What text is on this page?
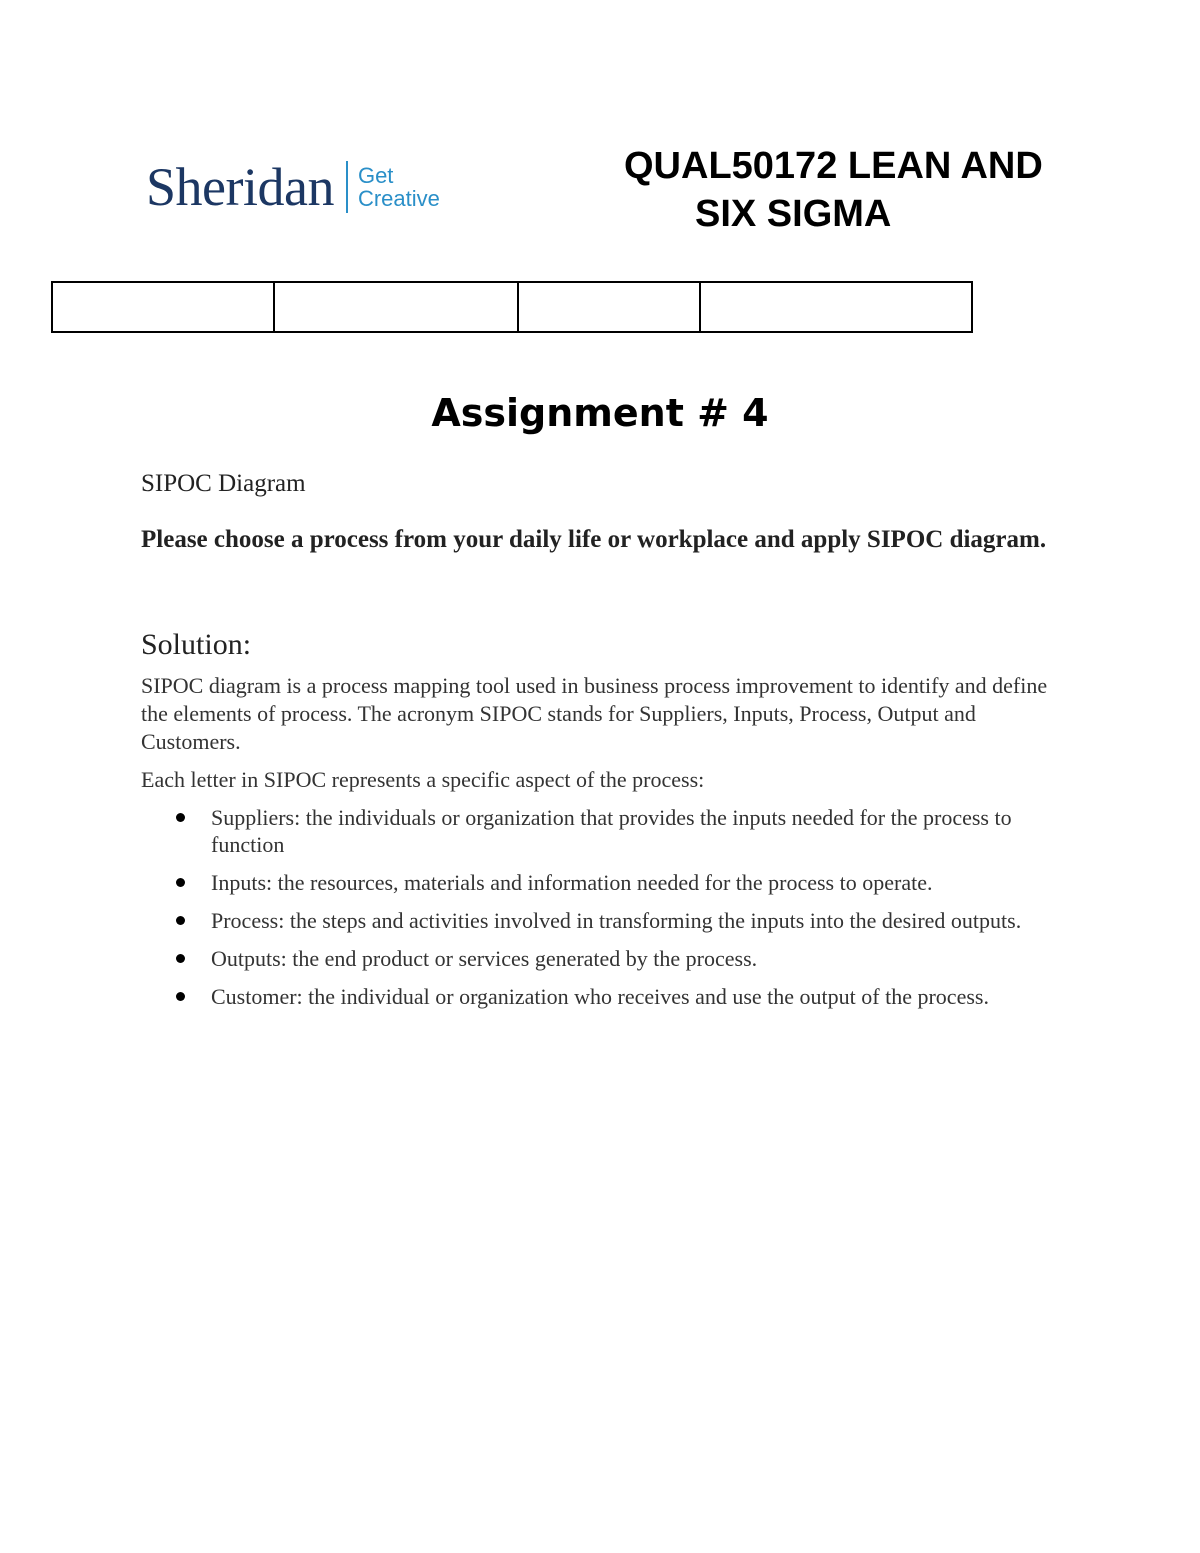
Sheridan Get
Creative
QUAL50172 LEAN AND
SIX SIGMA

Assignment # 4

SIPOC Diagram

Please choose a process from your daily life or workplace and apply SIPOC diagram.

Solution:

SIPOC diagram is a process mapping tool used in business process improvement to identify and define the elements of process. The acronym SIPOC stands for Suppliers, Inputs, Process, Output and Customers.

Each letter in SIPOC represents a specific aspect of the process:

Suppliers: the individuals or organization that provides the inputs needed for the process to function
Inputs: the resources, materials and information needed for the process to operate.
Process: the steps and activities involved in transforming the inputs into the desired outputs.
Outputs: the end product or services generated by the process.
Customer: the individual or organization who receives and use the output of the process.
